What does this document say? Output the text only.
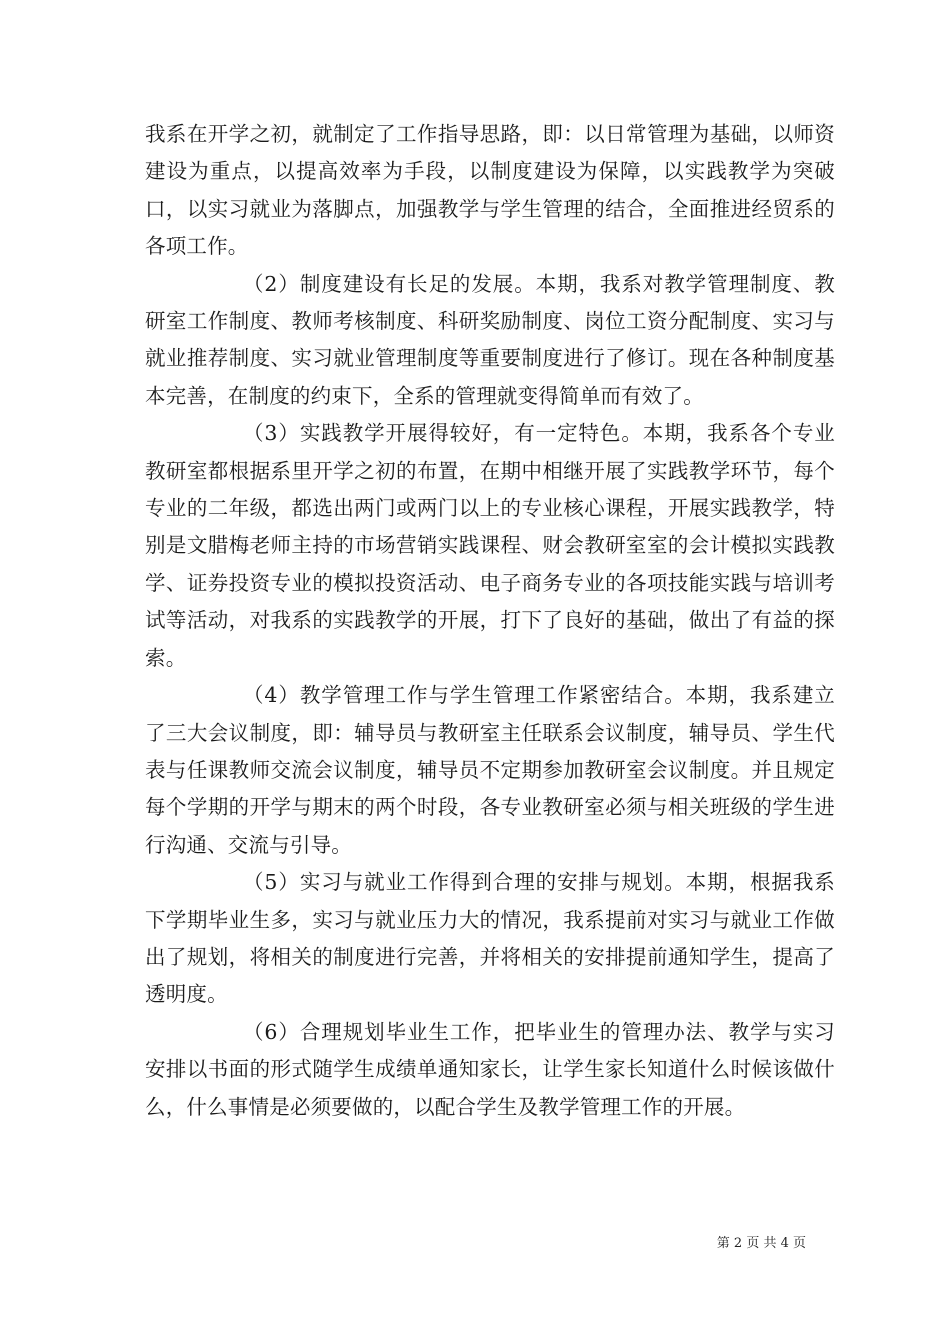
我系在开学之初，就制定了工作指导思路，即：以日常管理为基础，以师资建设为重点，以提高效率为手段，以制度建设为保障，以实践教学为突破口，以实习就业为落脚点，加强教学与学生管理的结合，全面推进经贸系的各项工作。

（2）制度建设有长足的发展。本期，我系对教学管理制度、教研室工作制度、教师考核制度、科研奖励制度、岗位工资分配制度、实习与就业推荐制度、实习就业管理制度等重要制度进行了修订。现在各种制度基本完善，在制度的约束下，全系的管理就变得简单而有效了。

（3）实践教学开展得较好，有一定特色。本期，我系各个专业教研室都根据系里开学之初的布置，在期中相继开展了实践教学环节，每个专业的二年级，都选出两门或两门以上的专业核心课程，开展实践教学，特别是文腊梅老师主持的市场营销实践课程、财会教研室室的会计模拟实践教学、证券投资专业的模拟投资活动、电子商务专业的各项技能实践与培训考试等活动，对我系的实践教学的开展，打下了良好的基础，做出了有益的探索。

（4）教学管理工作与学生管理工作紧密结合。本期，我系建立了三大会议制度，即：辅导员与教研室主任联系会议制度，辅导员、学生代表与任课教师交流会议制度，辅导员不定期参加教研室会议制度。并且规定每个学期的开学与期末的两个时段，各专业教研室必须与相关班级的学生进行沟通、交流与引导。

（5）实习与就业工作得到合理的安排与规划。本期，根据我系下学期毕业生多，实习与就业压力大的情况，我系提前对实习与就业工作做出了规划，将相关的制度进行完善，并将相关的安排提前通知学生，提高了透明度。

（6）合理规划毕业生工作，把毕业生的管理办法、教学与实习安排以书面的形式随学生成绩单通知家长，让学生家长知道什么时候该做什么，什么事情是必须要做的，以配合学生及教学管理工作的开展。

第 2 页 共 4 页
